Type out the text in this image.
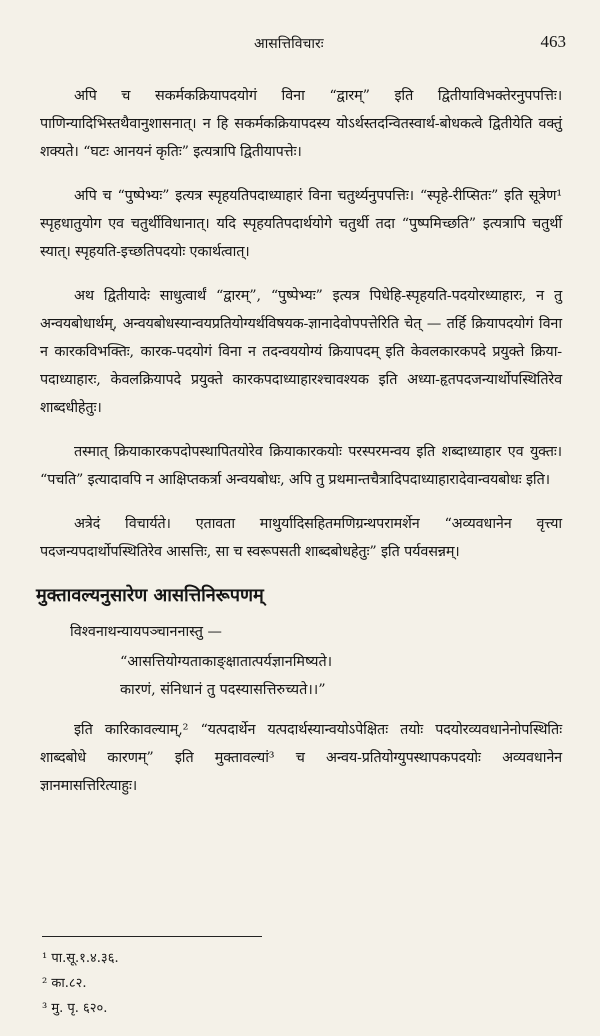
आसत्तिविचारः	463

अपि च सकर्मकक्रियापदयोगं विना “द्वारम्” इति द्वितीयाविभक्तेरनुपपत्तिः। पाणिन्यादिभिस्तथैवानुशासनात्। न हि सकर्मकक्रियापदस्य योऽर्थस्तदन्वितस्वार्थ-बोधकत्वे द्वितीयेति वक्तुं शक्यते। “घटः आनयनं कृतिः” इत्यत्रापि द्वितीयापत्तेः।

अपि च “पुष्पेभ्यः” इत्यत्र स्पृहयतिपदाध्याहारं विना चतुर्थ्यनुपपत्तिः। “स्पृहे-रीप्सितः” इति सूत्रेण¹ स्पृहधातुयोग एव चतुर्थीविधानात्। यदि स्पृहयतिपदार्थयोगे चतुर्थी तदा “पुष्पमिच्छति” इत्यत्रापि चतुर्थी स्यात्। स्पृहयति-इच्छतिपदयोः एकार्थत्वात्।

अथ द्वितीयादेः साधुत्वार्थं “द्वारम्”, “पुष्पेभ्यः” इत्यत्र पिधेहि-स्पृहयति-पदयोरध्याहारः, न तु अन्वयबोधार्थम्, अन्वयबोधस्यान्वयप्रतियोग्यर्थविषयक-ज्ञानादेवोपपत्तेरिति चेत् — तर्हि क्रियापदयोगं विना न कारकविभक्तिः, कारक-पदयोगं विना न तदन्वययोग्यं क्रियापदम् इति केवलकारकपदे प्रयुक्ते क्रिया-पदाध्याहारः, केवलक्रियापदे प्रयुक्ते कारकपदाध्याहारश्चावश्यक इति अध्या-हृतपदजन्यार्थोपस्थितिरेव शाब्दधीहेतुः।

तस्मात् क्रियाकारकपदोपस्थापितयोरेव क्रियाकारकयोः परस्परमन्वय इति शब्दाध्याहार एव युक्तः। “पचति” इत्यादावपि न आक्षिप्तकर्त्रा अन्वयबोधः, अपि तु प्रथमान्तचैत्रादिपदाध्याहारादेवान्वयबोधः इति।

अत्रेदं विचार्यते। एतावता माथुर्यादिसहितमणिग्रन्थपरामर्शेन “अव्यवधानेन वृत्त्या पदजन्यपदार्थोपस्थितिरेव आसत्तिः, सा च स्वरूपसती शाब्दबोधहेतुः” इति पर्यवसन्नम्।

मुक्तावल्यनुसारेण आसत्तिनिरूपणम्
विश्वनाथन्यायपञ्चाननास्तु —
“आसत्तियोग्यताकाङ्क्षातात्पर्यज्ञानमिष्यते।
कारणं, संनिधानं तु पदस्यासत्तिरुच्यते।।”

इति कारिकावल्याम्,² “यत्पदार्थेन यत्पदार्थस्यान्वयोऽपेक्षितः तयोः पदयोरव्यवधानेनोपस्थितिः शाब्दबोधे कारणम्” इति मुक्तावल्यां³ च अन्वय-प्रतियोग्युपस्थापकपदयोः अव्यवधानेन ज्ञानमासत्तिरित्याहुः।

¹ पा.सू.१.४.३६.
² का.८२.
³ मु. पृ. ६२०.
